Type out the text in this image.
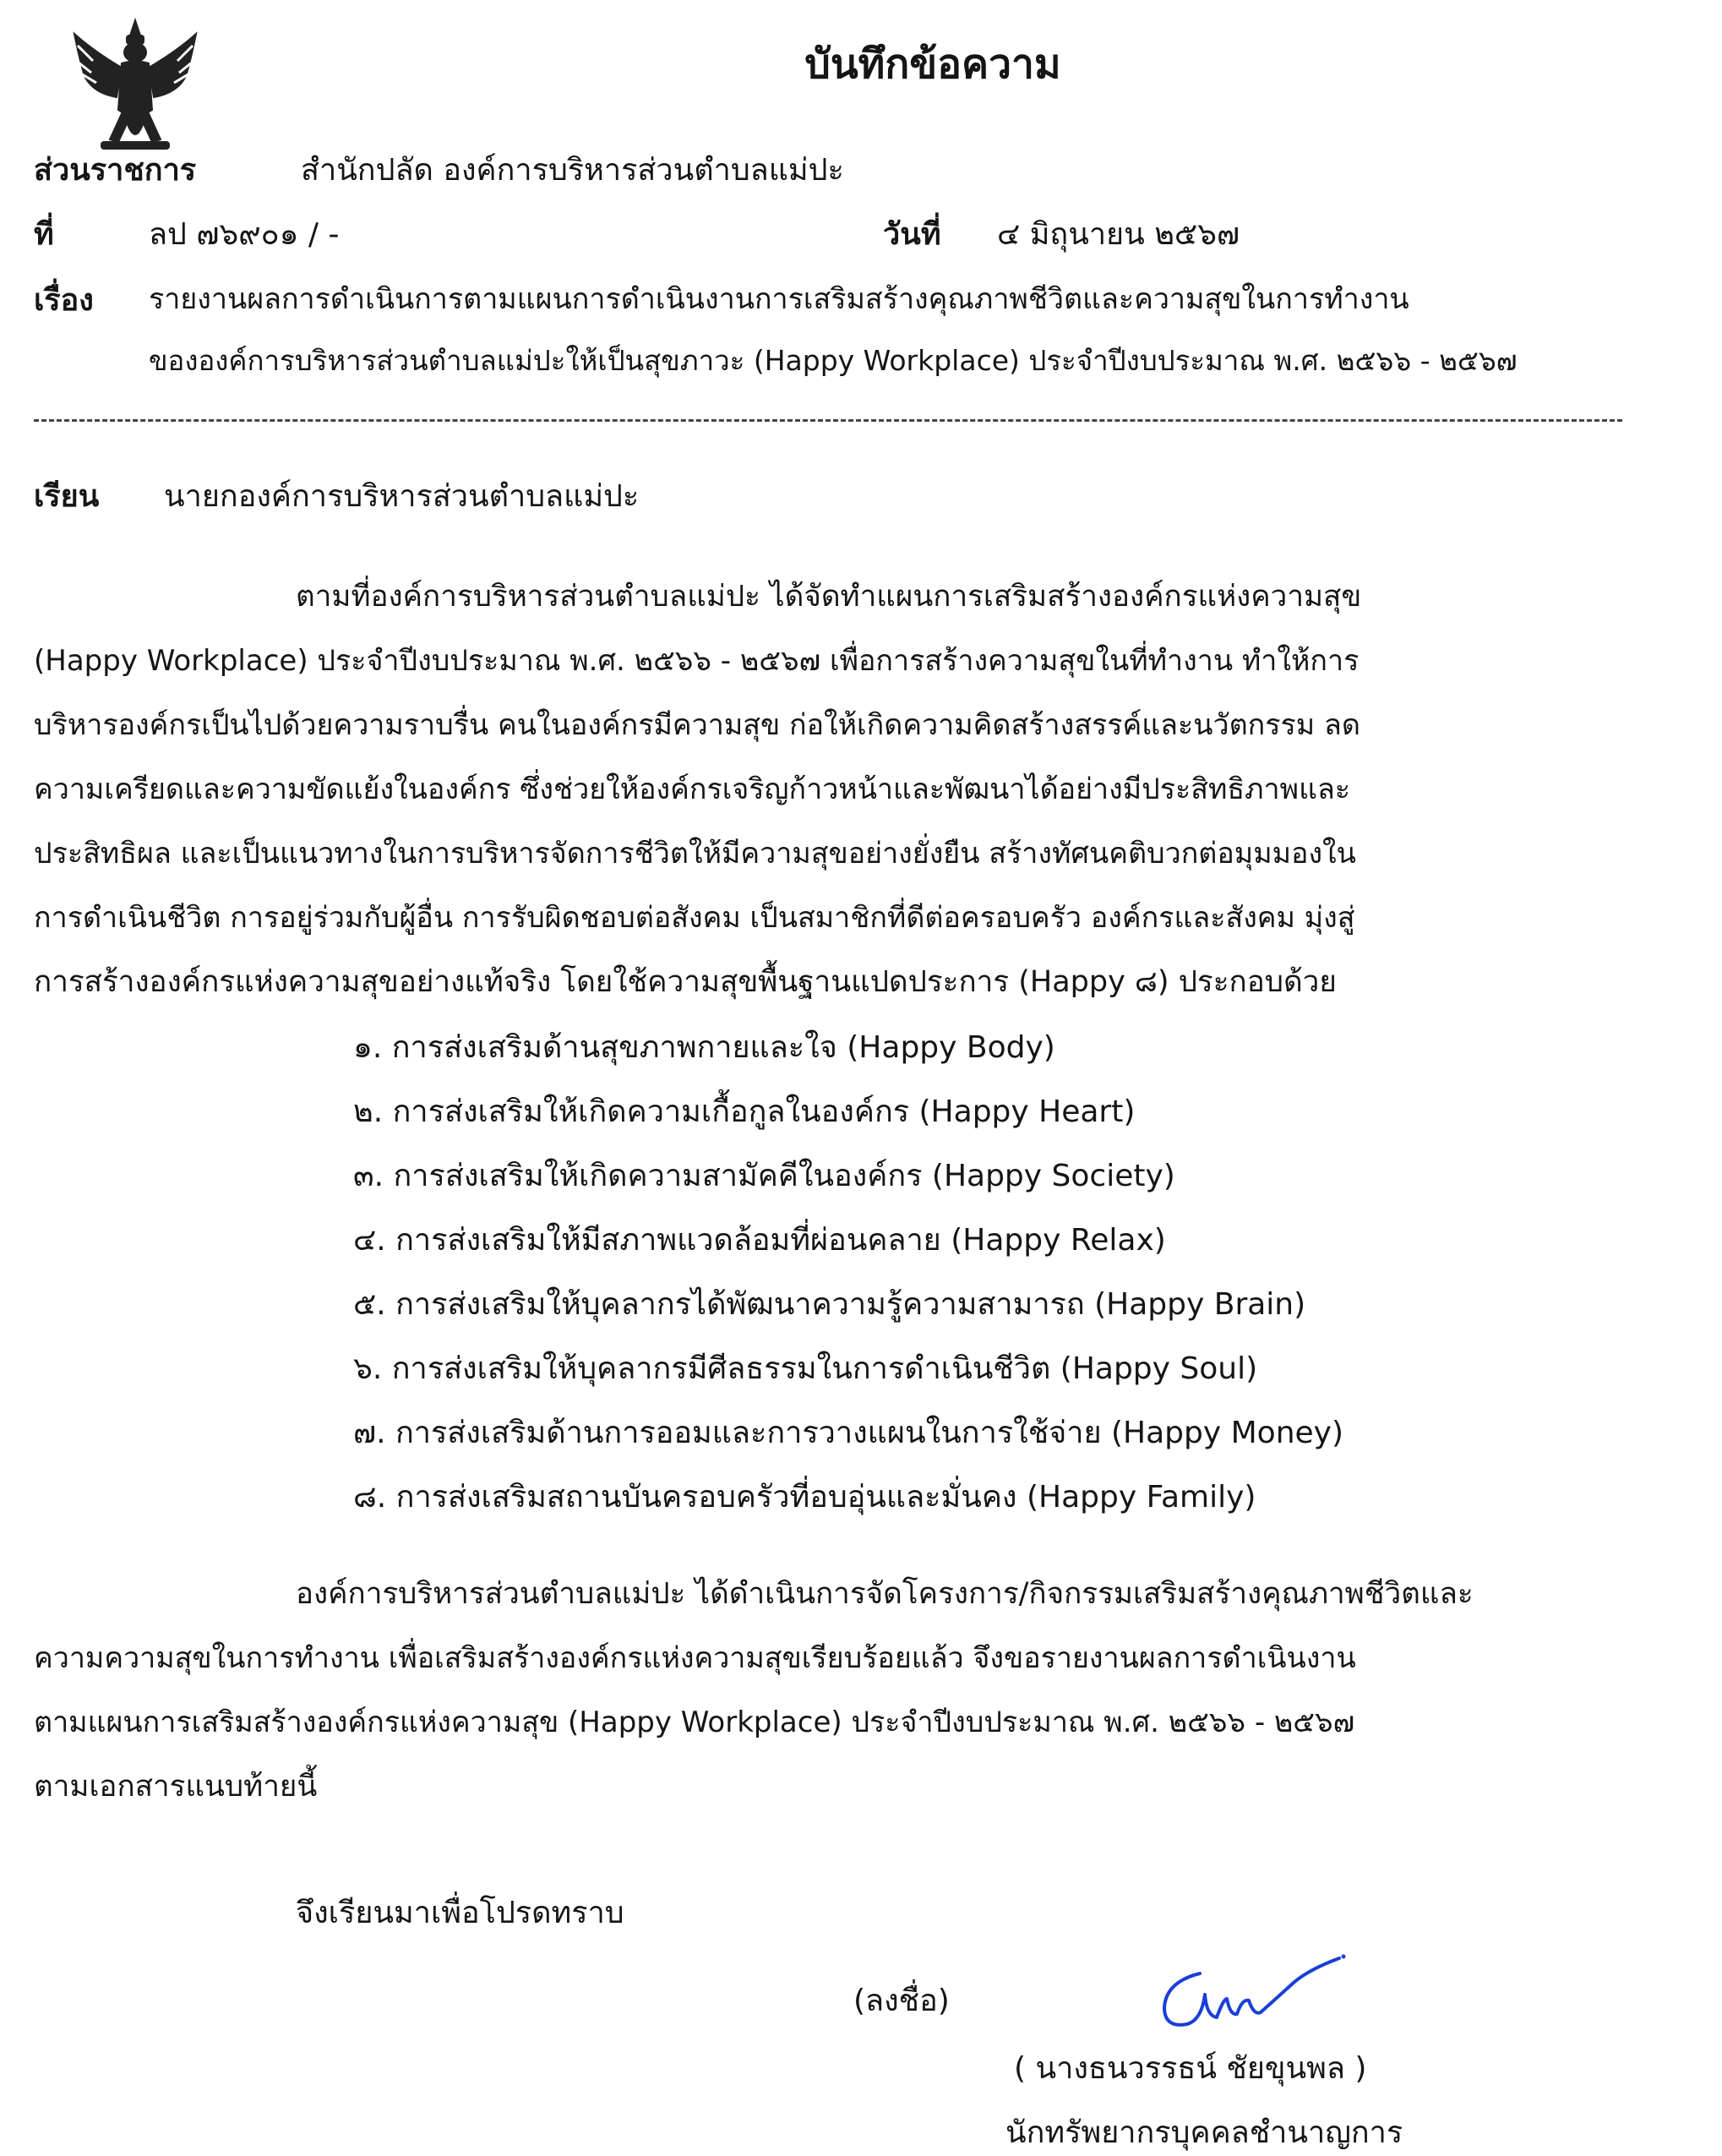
บันทึกข้อความ
ส่วนราชการ	สำนักปลัด องค์การบริหารส่วนตำบลแม่ปะ
ที่	ลป ๗๖๙๐๑ / -	วันที่ ๔ มิถุนายน ๒๕๖๗
เรื่อง รายงานผลการดำเนินการตามแผนการดำเนินงานการเสริมสร้างคุณภาพชีวิตและความสุขในการทำงาน
ขององค์การบริหารส่วนตำบลแม่ปะให้เป็นสุขภาวะ (Happy Workplace) ประจำปีงบประมาณ พ.ศ. ๒๕๖๖ - ๒๕๖๗
เรียน นายกองค์การบริหารส่วนตำบลแม่ปะ
ตามที่องค์การบริหารส่วนตำบลแม่ปะ ได้จัดทำแผนการเสริมสร้างองค์กรแห่งความสุข
(Happy Workplace) ประจำปีงบประมาณ พ.ศ. ๒๕๖๖ - ๒๕๖๗ เพื่อการสร้างความสุขในที่ทำงาน ทำให้การ
บริหารองค์กรเป็นไปด้วยความราบรื่น คนในองค์กรมีความสุข ก่อให้เกิดความคิดสร้างสรรค์และนวัตกรรม ลด
ความเครียดและความขัดแย้งในองค์กร ซึ่งช่วยให้องค์กรเจริญก้าวหน้าและพัฒนาได้อย่างมีประสิทธิภาพและ
ประสิทธิผล และเป็นแนวทางในการบริหารจัดการชีวิตให้มีความสุขอย่างยั่งยืน สร้างทัศนคติบวกต่อมุมมองใน
การดำเนินชีวิต การอยู่ร่วมกับผู้อื่น การรับผิดชอบต่อสังคม เป็นสมาชิกที่ดีต่อครอบครัว องค์กรและสังคม มุ่งสู่
การสร้างองค์กรแห่งความสุขอย่างแท้จริง โดยใช้ความสุขพื้นฐานแปดประการ (Happy ๘) ประกอบด้วย
๑. การส่งเสริมด้านสุขภาพกายและใจ (Happy Body)
๒. การส่งเสริมให้เกิดความเกื้อกูลในองค์กร (Happy Heart)
๓. การส่งเสริมให้เกิดความสามัคคีในองค์กร (Happy Society)
๔. การส่งเสริมให้มีสภาพแวดล้อมที่ผ่อนคลาย (Happy Relax)
๕. การส่งเสริมให้บุคลากรได้พัฒนาความรู้ความสามารถ (Happy Brain)
๖. การส่งเสริมให้บุคลากรมีศีลธรรมในการดำเนินชีวิต (Happy Soul)
๗. การส่งเสริมด้านการออมและการวางแผนในการใช้จ่าย (Happy Money)
๘. การส่งเสริมสถานบันครอบครัวที่อบอุ่นและมั่นคง (Happy Family)
องค์การบริหารส่วนตำบลแม่ปะ ได้ดำเนินการจัดโครงการ/กิจกรรมเสริมสร้างคุณภาพชีวิตและ
ความความสุขในการทำงาน เพื่อเสริมสร้างองค์กรแห่งความสุขเรียบร้อยแล้ว จึงขอรายงานผลการดำเนินงาน
ตามแผนการเสริมสร้างองค์กรแห่งความสุข (Happy Workplace) ประจำปีงบประมาณ พ.ศ. ๒๕๖๖ - ๒๕๖๗
ตามเอกสารแนบท้ายนี้
จึงเรียนมาเพื่อโปรดทราบ
(ลงชื่อ)
( นางธนวรรธน์ ชัยขุนพล )
นักทรัพยากรบุคคลชำนาญการ
